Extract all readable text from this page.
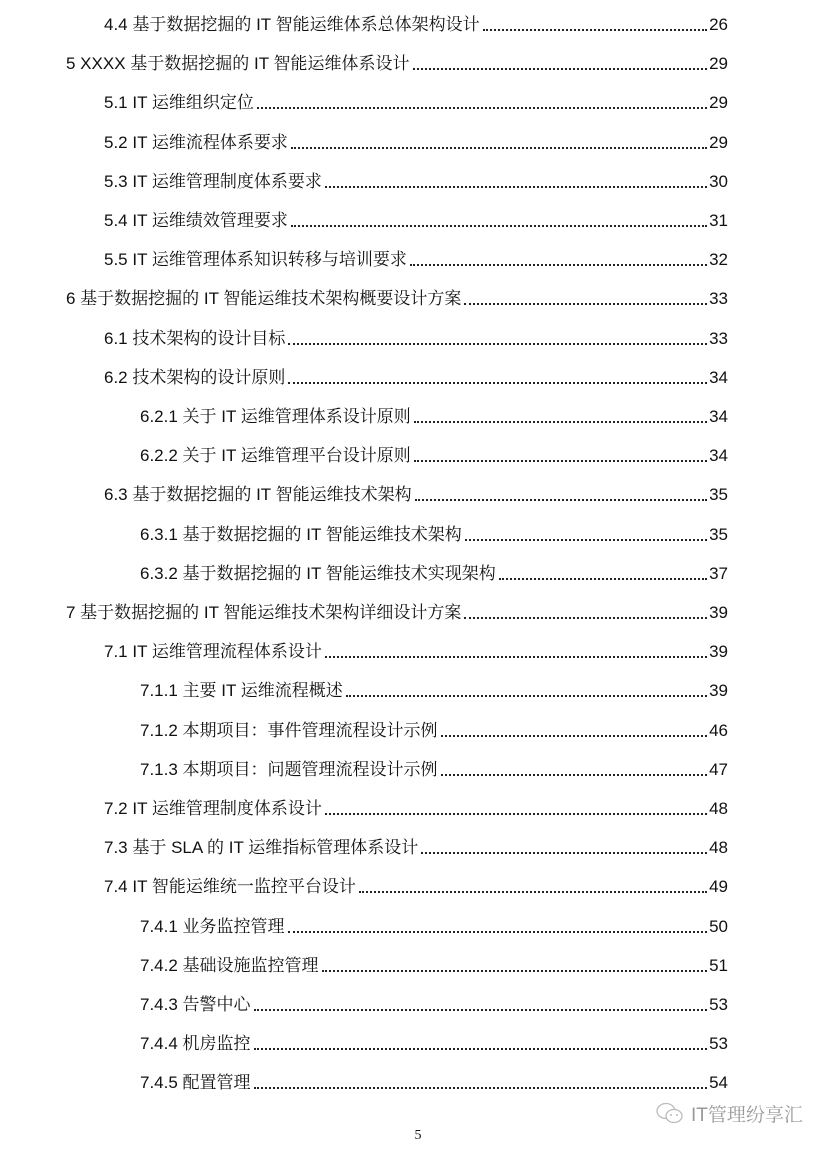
4.4 基于数据挖掘的 IT 智能运维体系总体架构设计	26
5 XXXX 基于数据挖掘的 IT 智能运维体系设计	29
5.1 IT 运维组织定位	29
5.2 IT 运维流程体系要求	29
5.3 IT 运维管理制度体系要求	30
5.4 IT 运维绩效管理要求	31
5.5 IT 运维管理体系知识转移与培训要求	32
6 基于数据挖掘的 IT 智能运维技术架构概要设计方案	33
6.1 技术架构的设计目标	33
6.2 技术架构的设计原则	34
6.2.1 关于 IT 运维管理体系设计原则	34
6.2.2 关于 IT 运维管理平台设计原则	34
6.3 基于数据挖掘的 IT 智能运维技术架构	35
6.3.1 基于数据挖掘的 IT 智能运维技术架构	35
6.3.2 基于数据挖掘的 IT 智能运维技术实现架构	37
7 基于数据挖掘的 IT 智能运维技术架构详细设计方案	39
7.1 IT 运维管理流程体系设计	39
7.1.1 主要 IT 运维流程概述	39
7.1.2 本期项目：事件管理流程设计示例	46
7.1.3 本期项目：问题管理流程设计示例	47
7.2 IT 运维管理制度体系设计	48
7.3 基于 SLA 的 IT 运维指标管理体系设计	48
7.4 IT 智能运维统一监控平台设计	49
7.4.1 业务监控管理	50
7.4.2 基础设施监控管理	51
7.4.3 告警中心	53
7.4.4 机房监控	53
7.4.5 配置管理	54
5
IT管理纷享汇
